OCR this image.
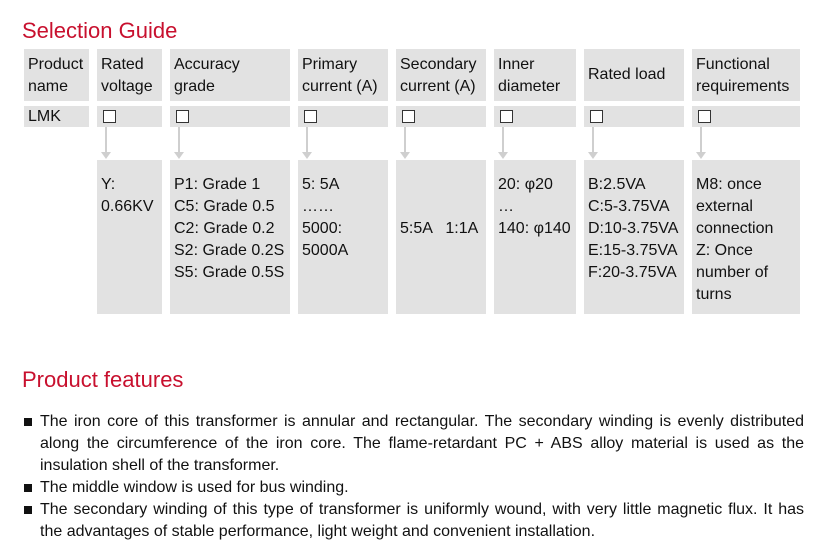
Selection Guide
Product
name
LMK
Rated
voltage
Y:
0.66KV
Accuracy
grade
P1: Grade 1
C5: Grade 0.5
C2: Grade 0.2
S2: Grade 0.2S
S5: Grade 0.5S
Primary
current (A)
5: 5A
……
5000:
5000A
Secondary
current (A)

5:5A   1:1A

Inner
diameter
20: φ20
…
140: φ140
Rated load
B:2.5VA
C:5-3.75VA
D:10-3.75VA
E:15-3.75VA
F:20-3.75VA
Functional
requirements
M8: once
external
connection
Z: Once
number of
turns
Product features
The iron core of this transformer is annular and rectangular. The secondary winding is evenly distributed along the circumference of the iron core. The flame-retardant PC + ABS alloy material is used as the insulation shell of the transformer.
The middle window is used for bus winding.
The secondary winding of this type of transformer is uniformly wound, with very little magnetic flux. It has the advantages of stable performance, light weight and convenient installation.
